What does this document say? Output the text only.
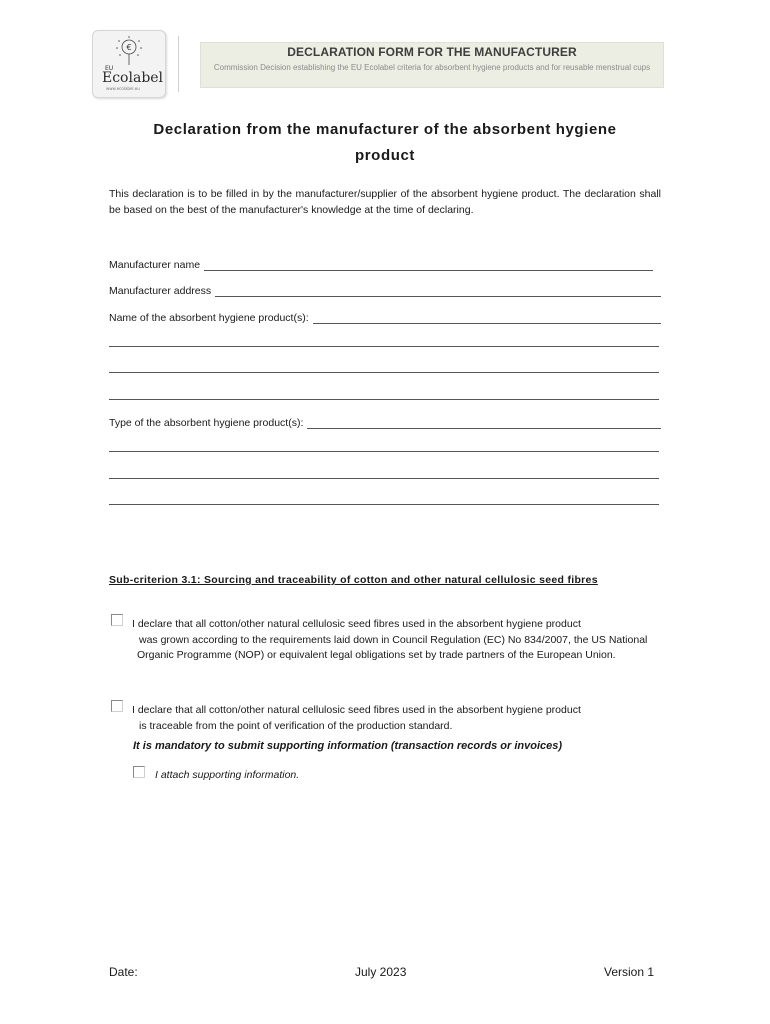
€
EU
Ecolabel
www.ecolabel.eu
DECLARATION FORM FOR THE MANUFACTURER
Commission Decision establishing the EU Ecolabel criteria for absorbent hygiene products and for reusable menstrual cups
Declaration from the manufacturer of the absorbent hygiene
product
This declaration is to be filled in by the manufacturer/supplier of the absorbent hygiene product. The declaration shall be based on the best of the manufacturer's knowledge at the time of declaring.
Manufacturer name
Manufacturer address
Name of the absorbent hygiene product(s):
Type of the absorbent hygiene product(s):
Sub-criterion 3.1: Sourcing and traceability of cotton and other natural cellulosic seed fibres
I declare that all cotton/other natural cellulosic seed fibres used in the absorbent hygiene product
was grown according to the requirements laid down in Council Regulation (EC) No 834/2007, the US National Organic Programme (NOP) or equivalent legal obligations set by trade partners of the European Union.
I declare that all cotton/other natural cellulosic seed fibres used in the absorbent hygiene product
is traceable from the point of verification of the production standard.
It is mandatory to submit supporting information (transaction records or invoices)
I attach supporting information.
Date:	July 2023	Version 1
